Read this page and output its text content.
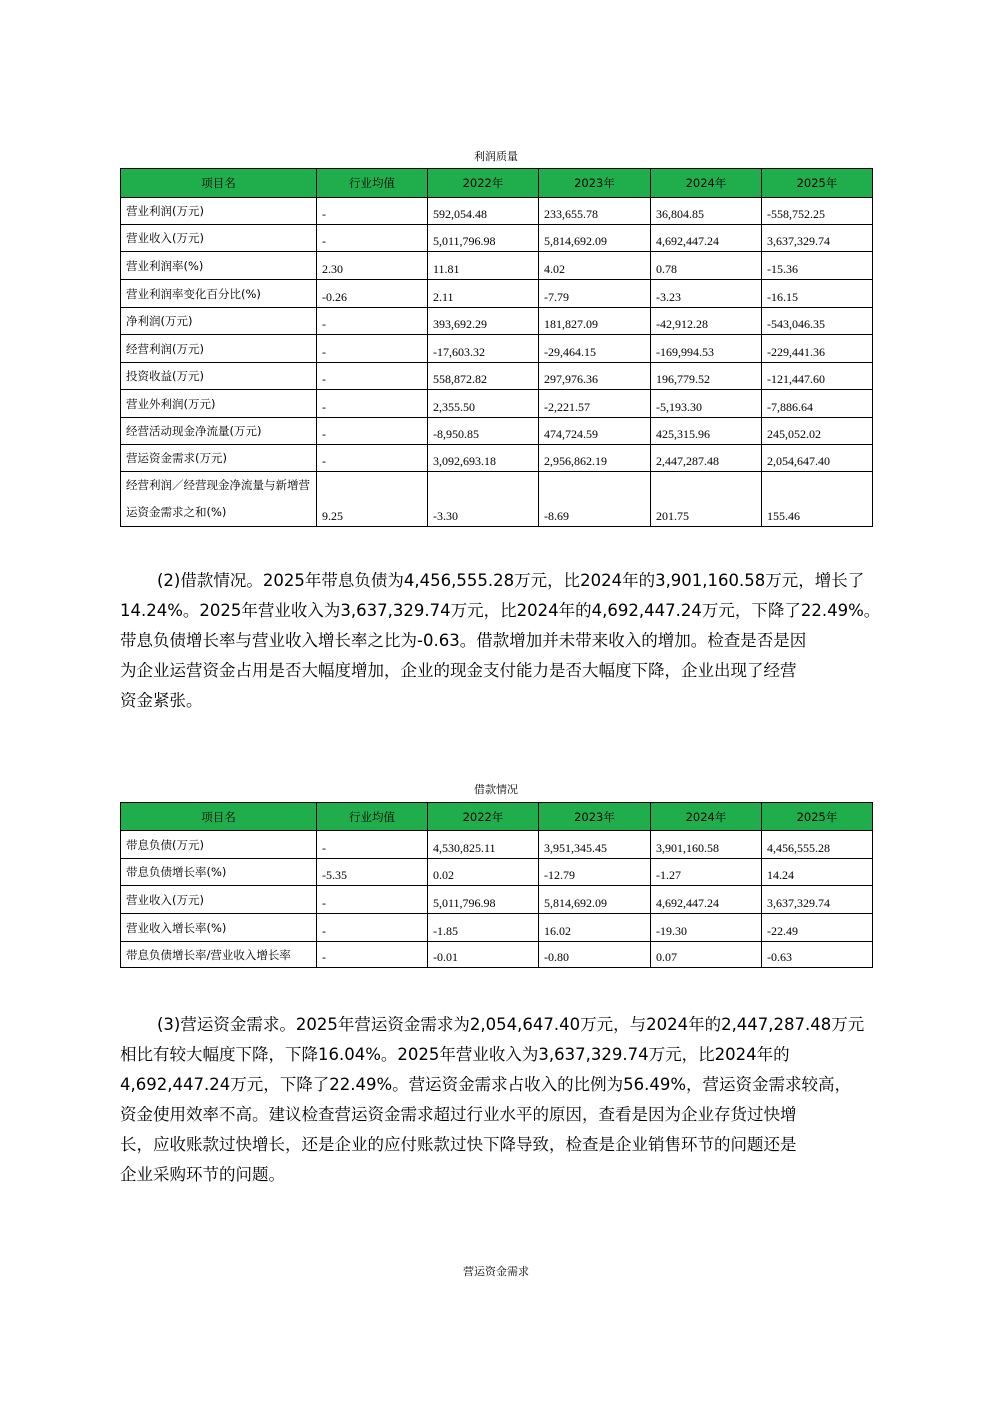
利润质量
项目名	行业均值	2022年	2023年	2024年	2025年
营业利润(万元)	-	592,054.48	233,655.78	36,804.85	-558,752.25
营业收入(万元)	-	5,011,796.98	5,814,692.09	4,692,447.24	3,637,329.74
营业利润率(%)	2.30	11.81	4.02	0.78	-15.36
营业利润率变化百分比(%)	-0.26	2.11	-7.79	-3.23	-16.15
净利润(万元)	-	393,692.29	181,827.09	-42,912.28	-543,046.35
经营利润(万元)	-	-17,603.32	-29,464.15	-169,994.53	-229,441.36
投资收益(万元)	-	558,872.82	297,976.36	196,779.52	-121,447.60
营业外利润(万元)	-	2,355.50	-2,221.57	-5,193.30	-7,886.64
经营活动现金净流量(万元)	-	-8,950.85	474,724.59	425,315.96	245,052.02
营运资金需求(万元)	-	3,092,693.18	2,956,862.19	2,447,287.48	2,054,647.40
经营利润／经营现金净流量与新增营运资金需求之和(%)	9.25	-3.30	-8.69	201.75	155.46
(2)借款情况。2025年带息负债为4,456,555.28万元，比2024年的3,901,160.58万元，增长了
14.24%。2025年营业收入为3,637,329.74万元，比2024年的4,692,447.24万元，下降了22.49%。
带息负债增长率与营业收入增长率之比为-0.63。借款增加并未带来收入的增加。检查是否是因
为企业运营资金占用是否大幅度增加，企业的现金支付能力是否大幅度下降，企业出现了经营
资金紧张。
借款情况
项目名	行业均值	2022年	2023年	2024年	2025年
带息负债(万元)	-	4,530,825.11	3,951,345.45	3,901,160.58	4,456,555.28
带息负债增长率(%)	-5.35	0.02	-12.79	-1.27	14.24
营业收入(万元)	-	5,011,796.98	5,814,692.09	4,692,447.24	3,637,329.74
营业收入增长率(%)	-	-1.85	16.02	-19.30	-22.49
带息负债增长率/营业收入增长率	-	-0.01	-0.80	0.07	-0.63
(3)营运资金需求。2025年营运资金需求为2,054,647.40万元，与2024年的2,447,287.48万元
相比有较大幅度下降，下降16.04%。2025年营业收入为3,637,329.74万元，比2024年的
4,692,447.24万元，下降了22.49%。营运资金需求占收入的比例为56.49%，营运资金需求较高，
资金使用效率不高。建议检查营运资金需求超过行业水平的原因，查看是因为企业存货过快增
长，应收账款过快增长，还是企业的应付账款过快下降导致，检查是企业销售环节的问题还是
企业采购环节的问题。
营运资金需求
